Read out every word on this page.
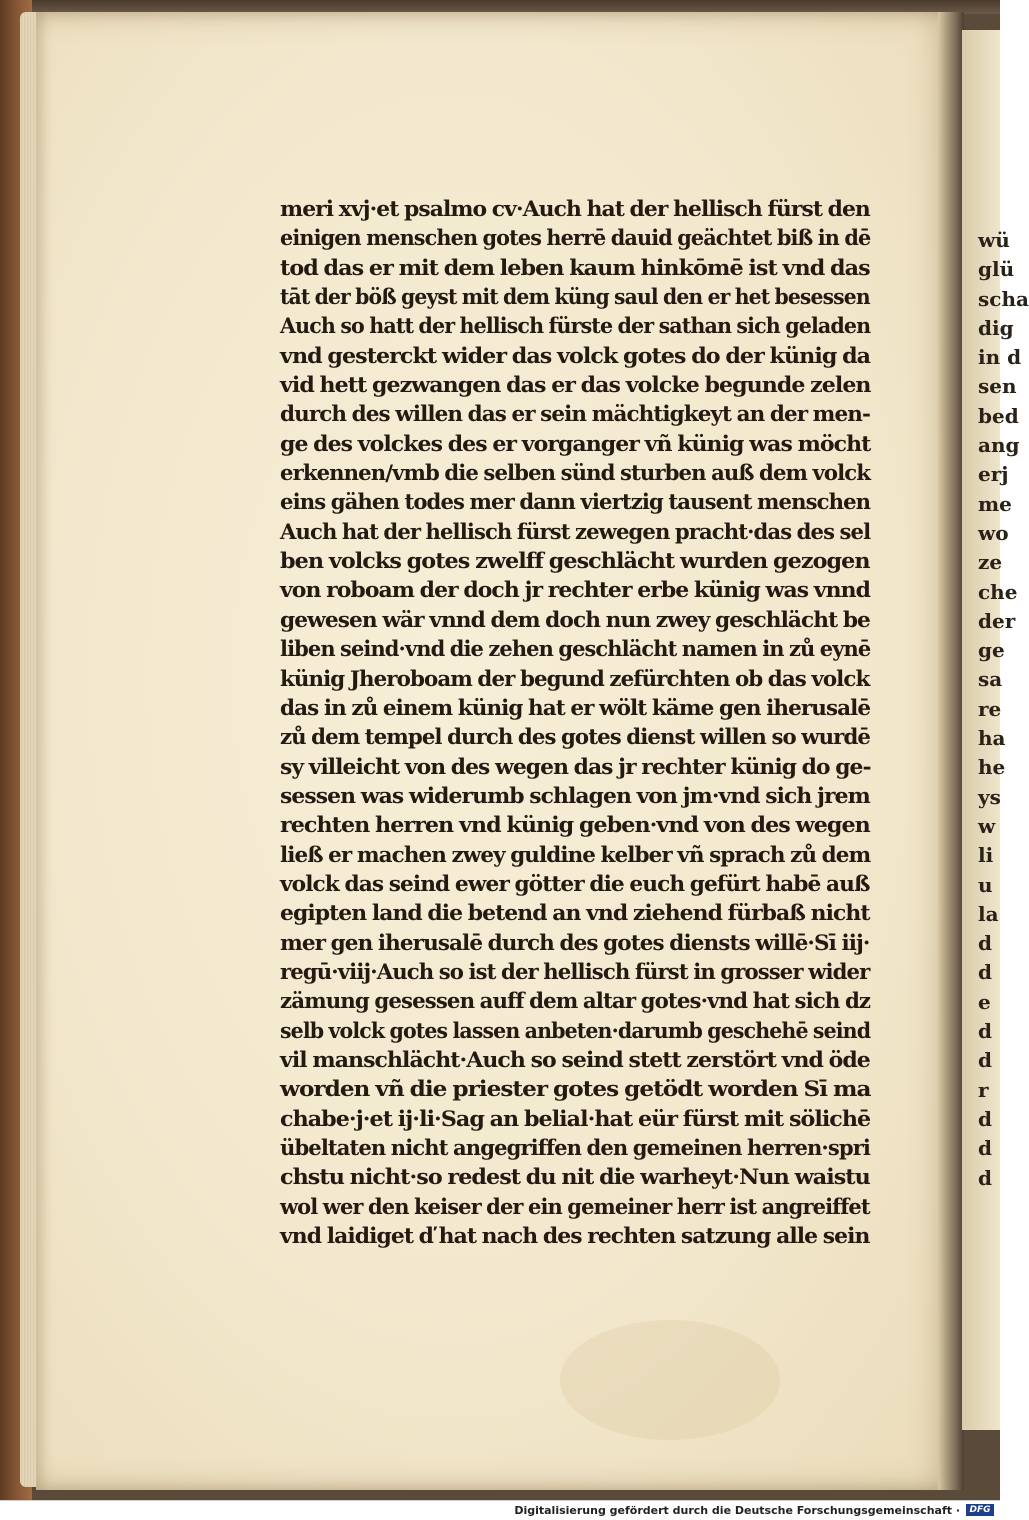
wü
glü
scha
dig
in d
sen
bed
ang
erj
me
wo
ze
che
der
ge
sa
re
ha
he
ys
w
li
u
la
d
d
e
d
d
r
d
d
d
meri xvj·et psalmo cv·Auch hat der hellisch fürst den
einigen menschen gotes herrē dauid geächtet biß in dē
tod das er mit dem leben kaum hinkōmē ist vnd das
tāt der böß geyst mit dem küng saul den er het besessen
Auch so hatt der hellisch fürste der sathan sich geladen
vnd gesterckt wider das volck gotes do der künig da
vid hett gezwangen das er das volcke begunde zelen
durch des willen das er sein mächtigkeyt an der men-
ge des volckes des er vorganger vñ künig was möcht
erkennen/vmb die selben sünd sturben auß dem volck
eins gähen todes mer dann viertzig tausent menschen
Auch hat der hellisch fürst zewegen pracht·das des sel
ben volcks gotes zwelff geschlächt wurden gezogen
von roboam der doch jr rechter erbe künig was vnnd
gewesen wär vnnd dem doch nun zwey geschlächt be
liben seind·vnd die zehen geschlächt namen in zů eynē
künig Jheroboam der begund zefürchten ob das volck
das in zů einem künig hat er wölt käme gen iherusalē
zů dem tempel durch des gotes dienst willen so wurdē
sy villeicht von des wegen das jr rechter künig do ge-
sessen was widerumb schlagen von jm·vnd sich jrem
rechten herren vnd künig geben·vnd von des wegen
ließ er machen zwey guldine kelber vñ sprach zů dem
volck das seind ewer götter die euch gefürt habē auß
egipten land die betend an vnd ziehend fürbaß nicht
mer gen iherusalē durch des gotes diensts willē·Sī iij·
regū·viij·Auch so ist der hellisch fürst in grosser wider
zämung gesessen auff dem altar gotes·vnd hat sich dz
selb volck gotes lassen anbeten·darumb geschehē seind
vil manschlächt·Auch so seind stett zerstört vnd öde
worden vñ die priester gotes getödt worden Sī ma
chabe·j·et ij·li·Sag an belial·hat eür fürst mit sölichē
übeltaten nicht angegriffen den gemeinen herren·spri
chstu nicht·so redest du nit die warheyt·Nun waistu
wol wer den keiser der ein gemeiner herr ist angreiffet
vnd laidiget ď hat nach des rechten satzung alle sein
Digitalisierung gefördert durch die Deutsche Forschungsgemeinschaft ·	DFG
